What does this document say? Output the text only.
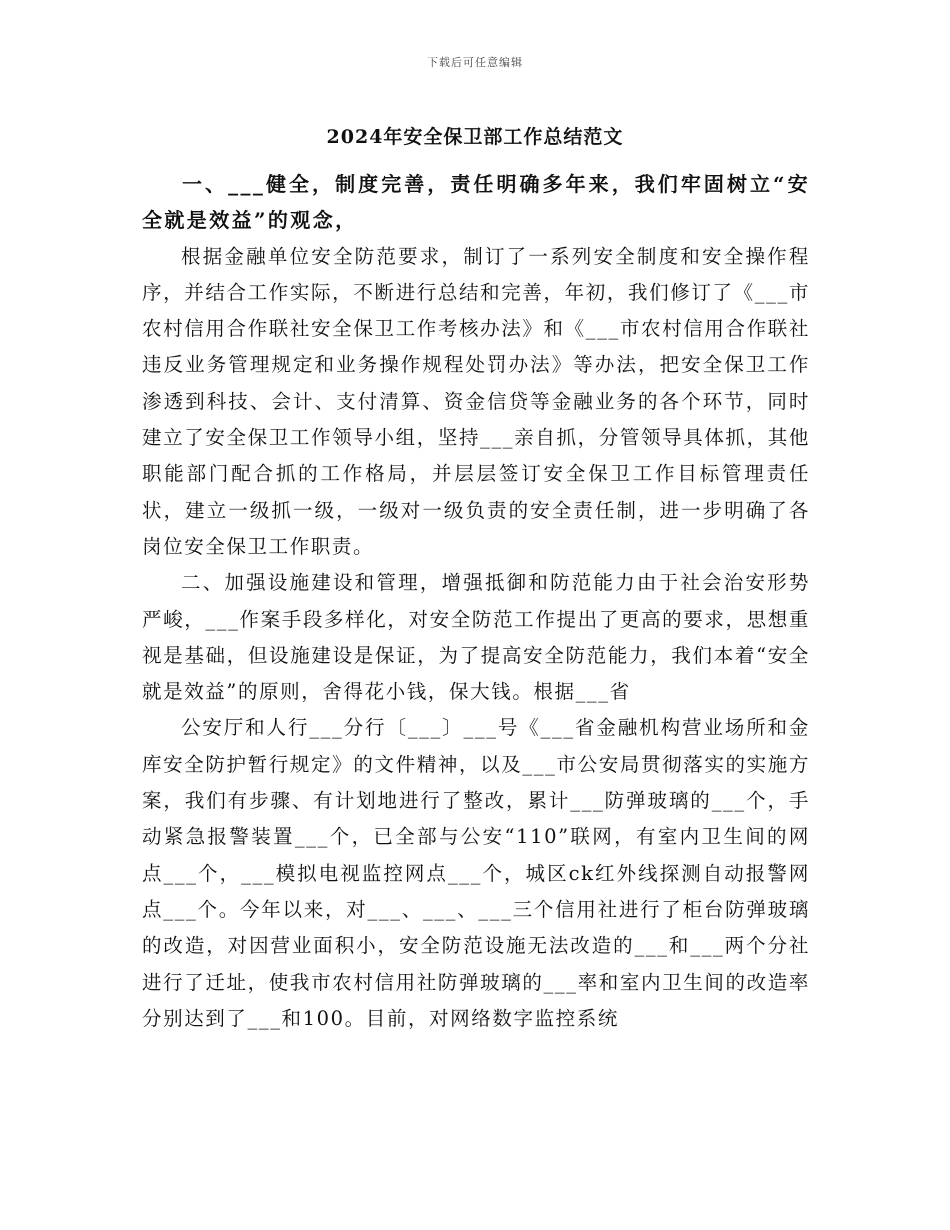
下载后可任意编辑
2024年安全保卫部工作总结范文

一、___健全，制度完善，责任明确多年来，我们牢固树立“安全就是效益”的观念，

根据金融单位安全防范要求，制订了一系列安全制度和安全操作程序，并结合工作实际，不断进行总结和完善，年初，我们修订了《___市农村信用合作联社安全保卫工作考核办法》和《___市农村信用合作联社违反业务管理规定和业务操作规程处罚办法》等办法，把安全保卫工作渗透到科技、会计、支付清算、资金信贷等金融业务的各个环节，同时建立了安全保卫工作领导小组，坚持___亲自抓，分管领导具体抓，其他职能部门配合抓的工作格局，并层层签订安全保卫工作目标管理责任状，建立一级抓一级，一级对一级负责的安全责任制，进一步明确了各岗位安全保卫工作职责。

二、加强设施建设和管理，增强抵御和防范能力由于社会治安形势严峻，___作案手段多样化，对安全防范工作提出了更高的要求，思想重视是基础，但设施建设是保证，为了提高安全防范能力，我们本着“安全就是效益”的原则，舍得花小钱，保大钱。根据___省

公安厅和人行___分行〔___〕___号《___省金融机构营业场所和金库安全防护暂行规定》的文件精神，以及___市公安局贯彻落实的实施方案，我们有步骤、有计划地进行了整改，累计___防弹玻璃的___个，手动紧急报警装置___个，已全部与公安“110”联网，有室内卫生间的网点___个，___模拟电视监控网点___个，城区ck红外线探测自动报警网点___个。今年以来，对___、___、___三个信用社进行了柜台防弹玻璃的改造，对因营业面积小，安全防范设施无法改造的___和___两个分社进行了迁址，使我市农村信用社防弹玻璃的___率和室内卫生间的改造率分别达到了___和100。目前，对网络数字监控系统
